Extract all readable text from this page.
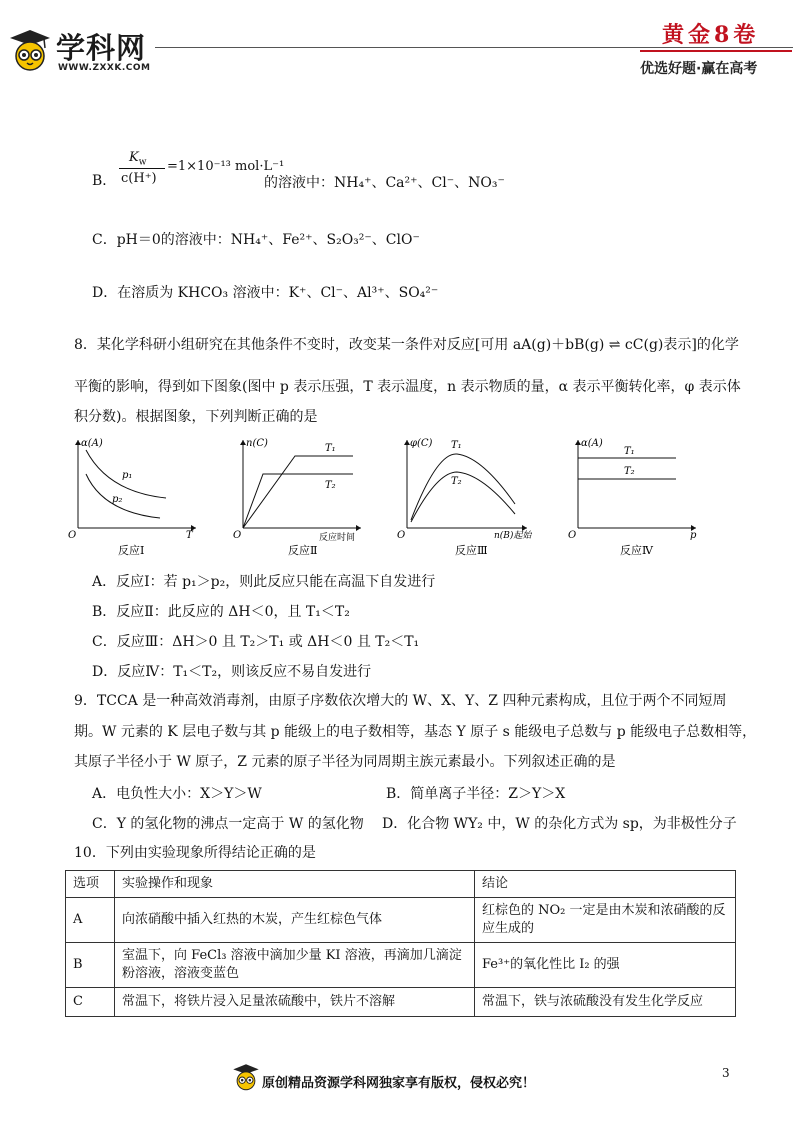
学科网
WWW.ZXXK.COM
黄金8卷
优选好题·赢在高考
B．
$K_w$
c(H⁺)
=1×10⁻¹³ mol·L⁻¹
的溶液中：NH₄⁺、Ca²⁺、Cl⁻、NO₃⁻
C．pH＝0的溶液中：NH₄⁺、Fe²⁺、S₂O₃²⁻、ClO⁻
D．在溶质为 KHCO₃ 溶液中：K⁺、Cl⁻、Al³⁺、SO₄²⁻
8．某化学科研小组研究在其他条件不变时，改变某一条件对反应[可用 aA(g)＋bB(g) ⇌ cC(g)表示]的化学
平衡的影响，得到如下图象(图中 p 表示压强，T 表示温度，n 表示物质的量，α 表示平衡转化率，φ 表示体
积分数)。根据图象，下列判断正确的是
α(A)
T
O
p₁
p₂
反应Ⅰ
n(C)
反应时间
O
T₁
T₂
反应Ⅱ
φ(C)
n(B)起始
O
T₁
T₂
反应Ⅲ
α(A)
p
O
T₁
T₂
反应Ⅳ
A．反应Ⅰ：若 p₁＞p₂，则此反应只能在高温下自发进行
B．反应Ⅱ：此反应的 ΔH＜0，且 T₁＜T₂
C．反应Ⅲ：ΔH＞0 且 T₂＞T₁ 或 ΔH＜0 且 T₂＜T₁
D．反应Ⅳ：T₁＜T₂，则该反应不易自发进行
9．TCCA 是一种高效消毒剂，由原子序数依次增大的 W、X、Y、Z 四种元素构成，且位于两个不同短周
期。W 元素的 K 层电子数与其 p 能级上的电子数相等，基态 Y 原子 s 能级电子总数与 p 能级电子总数相等，
其原子半径小于 W 原子，Z 元素的原子半径为同周期主族元素最小。下列叙述正确的是
A．电负性大小：X＞Y＞W	B．简单离子半径：Z＞Y＞X
C．Y 的氢化物的沸点一定高于 W 的氢化物 D．化合物 WY₂ 中，W 的杂化方式为 sp，为非极性分子
10．下列由实验现象所得结论正确的是
选项	实验操作和现象	结论
A	向浓硝酸中插入红热的木炭，产生红棕色气体	红棕色的 NO₂ 一定是由木炭和浓硝酸的反应生成的
B	室温下，向 FeCl₃ 溶液中滴加少量 KI 溶液，再滴加几滴淀粉溶液，溶液变蓝色	Fe³⁺的氧化性比 I₂ 的强
C	常温下，将铁片浸入足量浓硫酸中，铁片不溶解	常温下，铁与浓硫酸没有发生化学反应
3
原创精品资源学科网独家享有版权，侵权必究！
